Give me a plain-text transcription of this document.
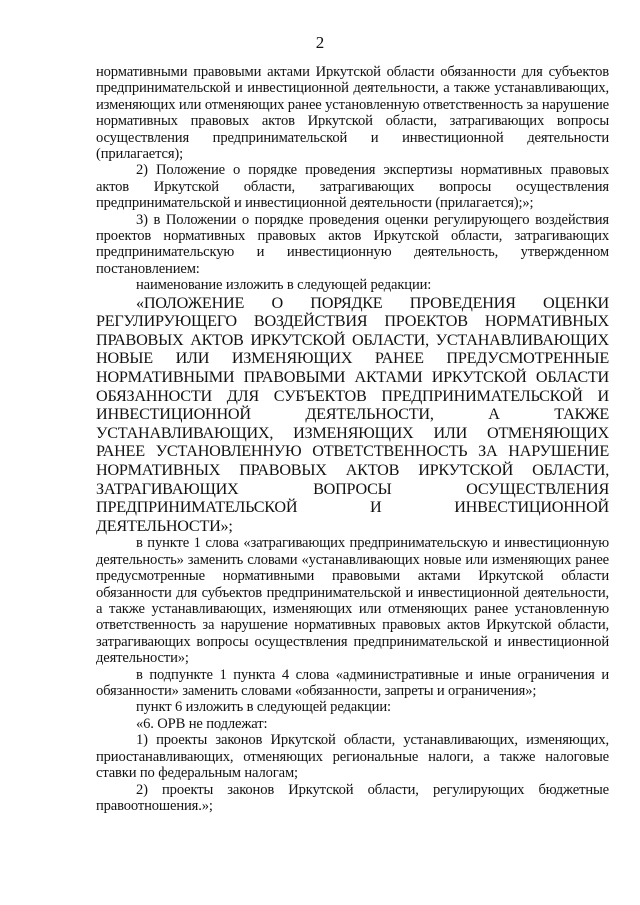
2

нормативными правовыми актами Иркутской области обязанности для субъектов предпринимательской и инвестиционной деятельности, а также устанавливающих, изменяющих или отменяющих ранее установленную ответственность за нарушение нормативных правовых актов Иркутской области, затрагивающих вопросы осуществления предпринимательской и инвестиционной деятельности (прилагается);

2) Положение о порядке проведения экспертизы нормативных правовых актов Иркутской области, затрагивающих вопросы осуществления предпринимательской и инвестиционной деятельности (прилагается);»;

3) в Положении о порядке проведения оценки регулирующего воздействия проектов нормативных правовых актов Иркутской области, затрагивающих предпринимательскую и инвестиционную деятельность, утвержденном постановлением:

наименование изложить в следующей редакции:

«ПОЛОЖЕНИЕ О ПОРЯДКЕ ПРОВЕДЕНИЯ ОЦЕНКИ РЕГУЛИРУЮЩЕГО ВОЗДЕЙСТВИЯ ПРОЕКТОВ НОРМАТИВНЫХ ПРАВОВЫХ АКТОВ ИРКУТСКОЙ ОБЛАСТИ, УСТАНАВЛИВАЮЩИХ НОВЫЕ ИЛИ ИЗМЕНЯЮЩИХ РАНЕЕ ПРЕДУСМОТРЕННЫЕ НОРМАТИВНЫМИ ПРАВОВЫМИ АКТАМИ ИРКУТСКОЙ ОБЛАСТИ ОБЯЗАННОСТИ ДЛЯ СУБЪЕКТОВ ПРЕДПРИНИМАТЕЛЬСКОЙ И ИНВЕСТИЦИОННОЙ ДЕЯТЕЛЬНОСТИ, А ТАКЖЕ УСТАНАВЛИВАЮЩИХ, ИЗМЕНЯЮЩИХ ИЛИ ОТМЕНЯЮЩИХ РАНЕЕ УСТАНОВЛЕННУЮ ОТВЕТСТВЕННОСТЬ ЗА НАРУШЕНИЕ НОРМАТИВНЫХ ПРАВОВЫХ АКТОВ ИРКУТСКОЙ ОБЛАСТИ, ЗАТРАГИВАЮЩИХ ВОПРОСЫ ОСУЩЕСТВЛЕНИЯ ПРЕДПРИНИМАТЕЛЬСКОЙ И ИНВЕСТИЦИОННОЙ ДЕЯТЕЛЬНОСТИ»;

в пункте 1 слова «затрагивающих предпринимательскую и инвестиционную деятельность» заменить словами «устанавливающих новые или изменяющих ранее предусмотренные нормативными правовыми актами Иркутской области обязанности для субъектов предпринимательской и инвестиционной деятельности, а также устанавливающих, изменяющих или отменяющих ранее установленную ответственность за нарушение нормативных правовых актов Иркутской области, затрагивающих вопросы осуществления предпринимательской и инвестиционной деятельности»;

в подпункте 1 пункта 4 слова «административные и иные ограничения и обязанности» заменить словами «обязанности, запреты и ограничения»;

пункт 6 изложить в следующей редакции:

«6. ОРВ не подлежат:

1) проекты законов Иркутской области, устанавливающих, изменяющих, приостанавливающих, отменяющих региональные налоги, а также налоговые ставки по федеральным налогам;

2) проекты законов Иркутской области, регулирующих бюджетные правоотношения.»;
